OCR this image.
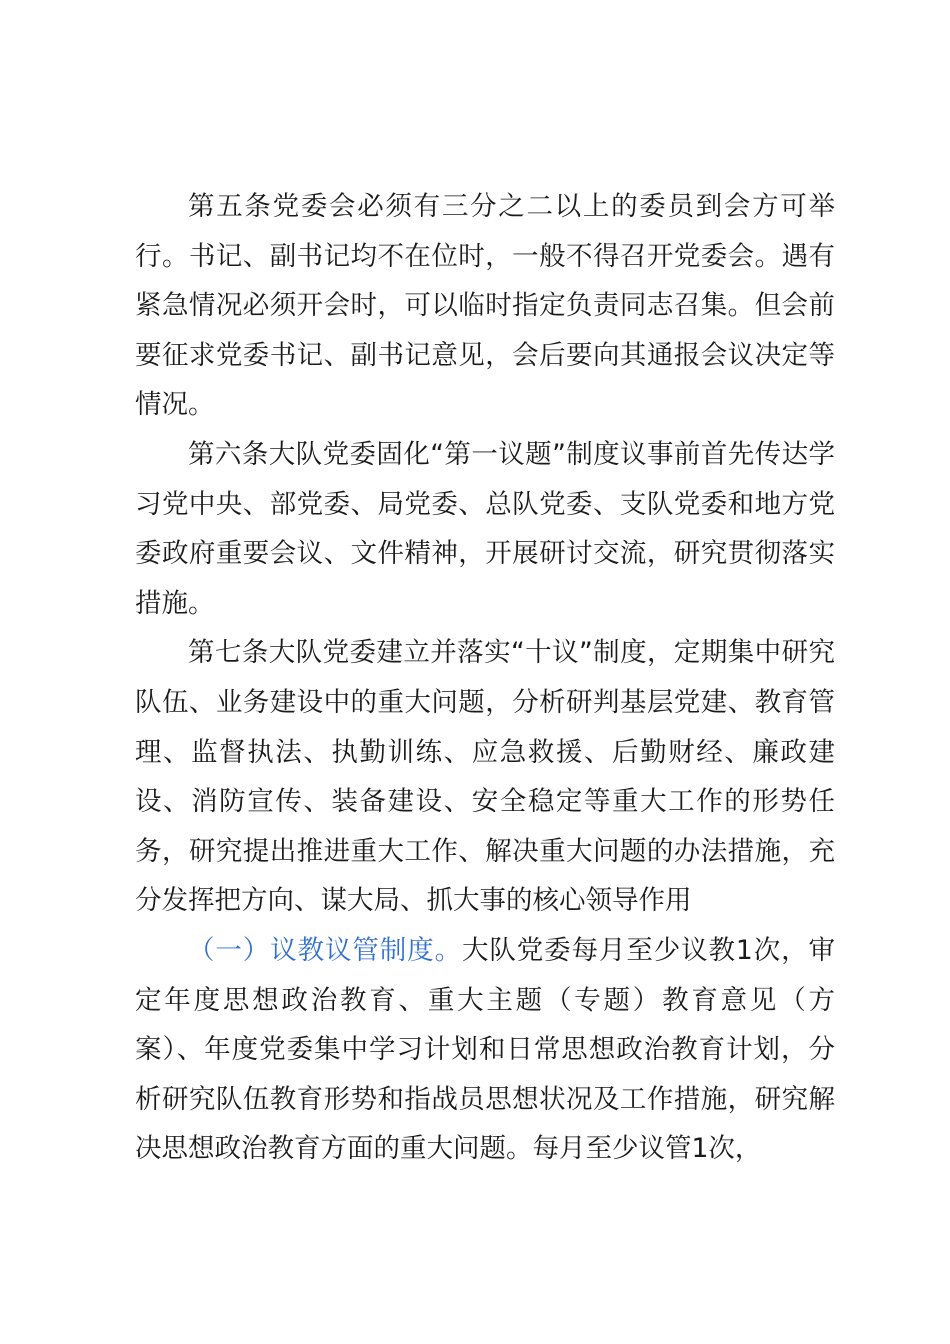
第五条党委会必须有三分之二以上的委员到会方可举行。书记、副书记均不在位时，一般不得召开党委会。遇有紧急情况必须开会时，可以临时指定负责同志召集。但会前要征求党委书记、副书记意见，会后要向其通报会议决定等情况。

第六条大队党委固化“第一议题”制度议事前首先传达学习党中央、部党委、局党委、总队党委、支队党委和地方党委政府重要会议、文件精神，开展研讨交流，研究贯彻落实措施。

第七条大队党委建立并落实“十议”制度，定期集中研究队伍、业务建设中的重大问题，分析研判基层党建、教育管理、监督执法、执勤训练、应急救援、后勤财经、廉政建设、消防宣传、装备建设、安全稳定等重大工作的形势任务，研究提出推进重大工作、解决重大问题的办法措施，充分发挥把方向、谋大局、抓大事的核心领导作用

（一）议教议管制度。大队党委每月至少议教1次，审定年度思想政治教育、重大主题（专题）教育意见（方案）、年度党委集中学习计划和日常思想政治教育计划，分析研究队伍教育形势和指战员思想状况及工作措施，研究解决思想政治教育方面的重大问题。每月至少议管1次，
